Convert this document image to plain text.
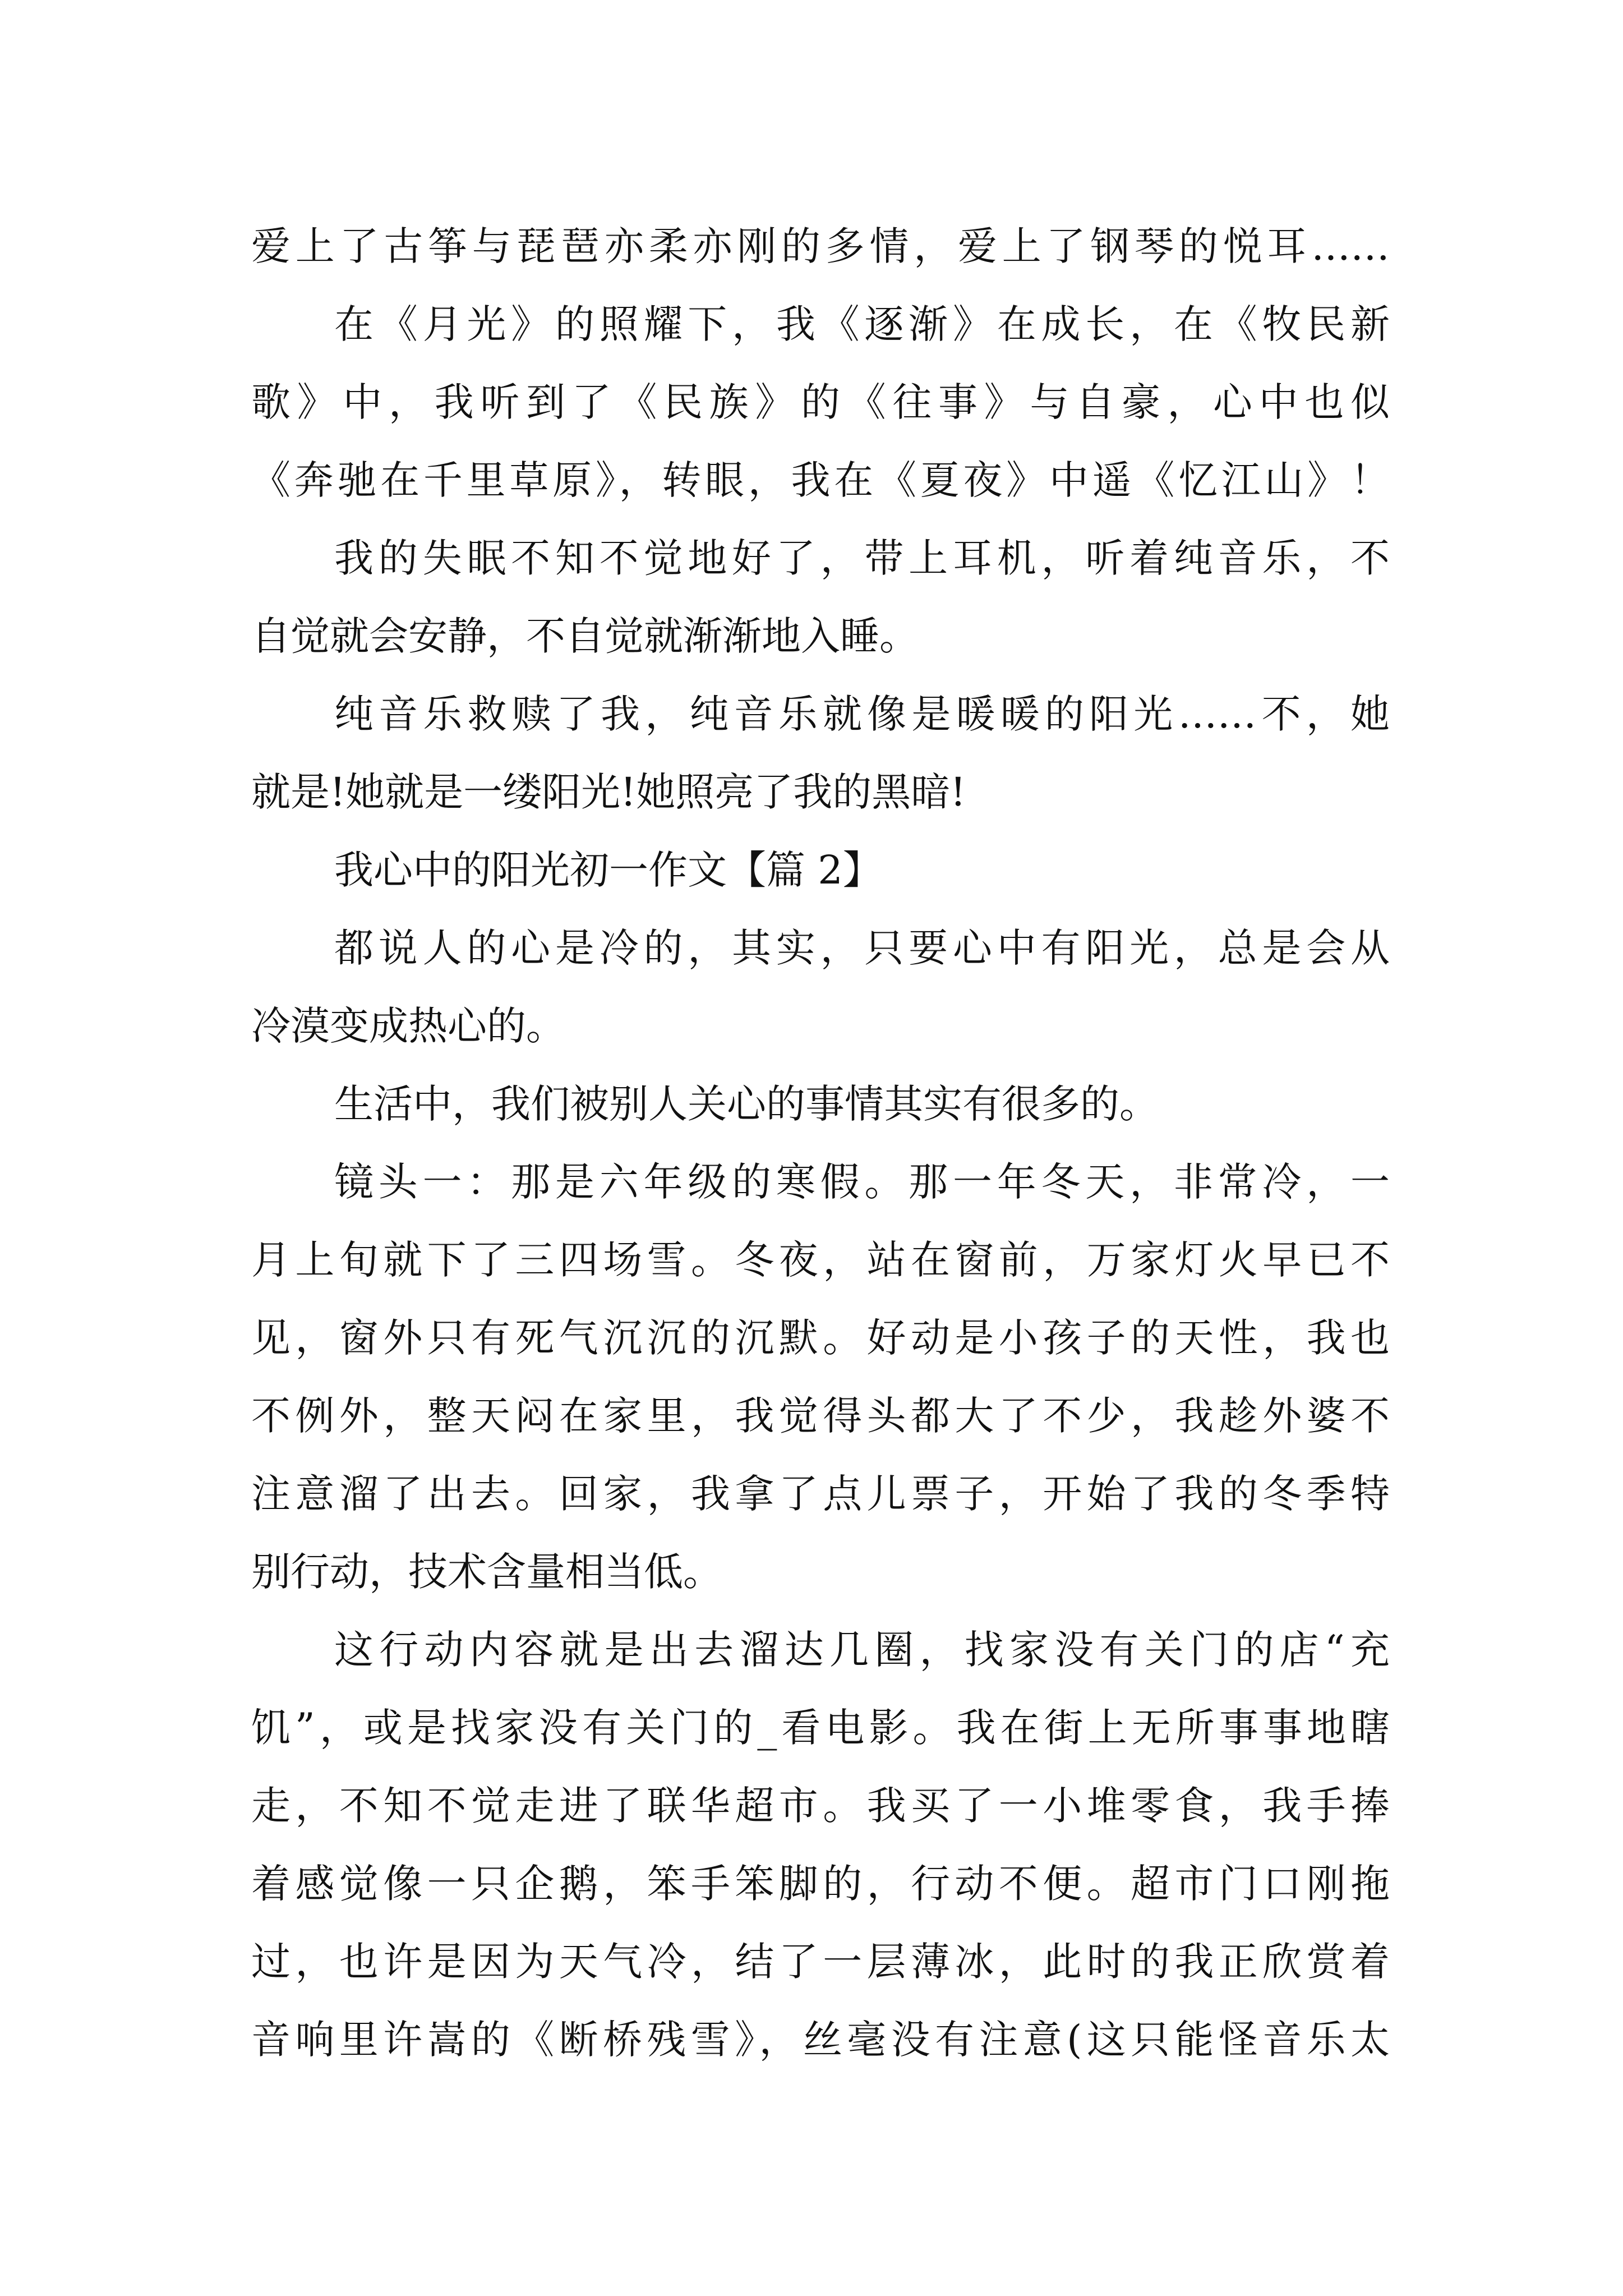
爱上了古筝与琵琶亦柔亦刚的多情，爱上了钢琴的悦耳……
在《月光》的照耀下，我《逐渐》在成长，在《牧民新
歌》中，我听到了《民族》的《往事》与自豪，心中也似
《奔驰在千里草原》，转眼，我在《夏夜》中遥《忆江山》！
我的失眠不知不觉地好了，带上耳机，听着纯音乐，不
自觉就会安静，不自觉就渐渐地入睡。
纯音乐救赎了我，纯音乐就像是暖暖的阳光……不，她
就是!她就是一缕阳光!她照亮了我的黑暗!
我心中的阳光初一作文【篇 2】
都说人的心是冷的，其实，只要心中有阳光，总是会从
冷漠变成热心的。
生活中，我们被别人关心的事情其实有很多的。
镜头一：那是六年级的寒假。那一年冬天，非常冷，一
月上旬就下了三四场雪。冬夜，站在窗前，万家灯火早已不
见，窗外只有死气沉沉的沉默。好动是小孩子的天性，我也
不例外，整天闷在家里，我觉得头都大了不少，我趁外婆不
注意溜了出去。回家，我拿了点儿票子，开始了我的冬季特
别行动，技术含量相当低。
这行动内容就是出去溜达几圈，找家没有关门的店“充
饥”，或是找家没有关门的_看电影。我在街上无所事事地瞎
走，不知不觉走进了联华超市。我买了一小堆零食，我手捧
着感觉像一只企鹅，笨手笨脚的，行动不便。超市门口刚拖
过，也许是因为天气冷，结了一层薄冰，此时的我正欣赏着
音响里许嵩的《断桥残雪》，丝毫没有注意(这只能怪音乐太
